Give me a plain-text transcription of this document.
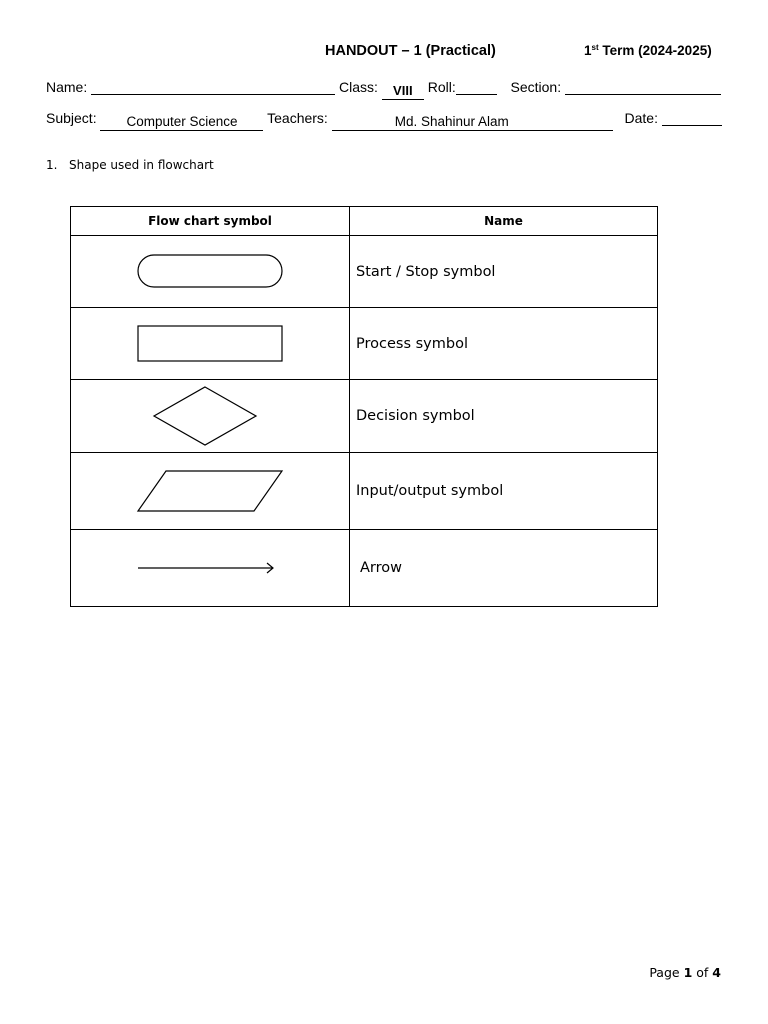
HANDOUT – 1 (Practical)	1st Term (2024-2025)
Name:	Class: VIII Roll:	Section:
Subject: Computer Science Teachers:	Md. Shahinur Alam	Date:
1. Shape used in flowchart
Flow chart symbol	Name

	Start / Stop symbol

	Process symbol

	Decision symbol

	Input/output symbol

	Arrow
Page 1 of 4
